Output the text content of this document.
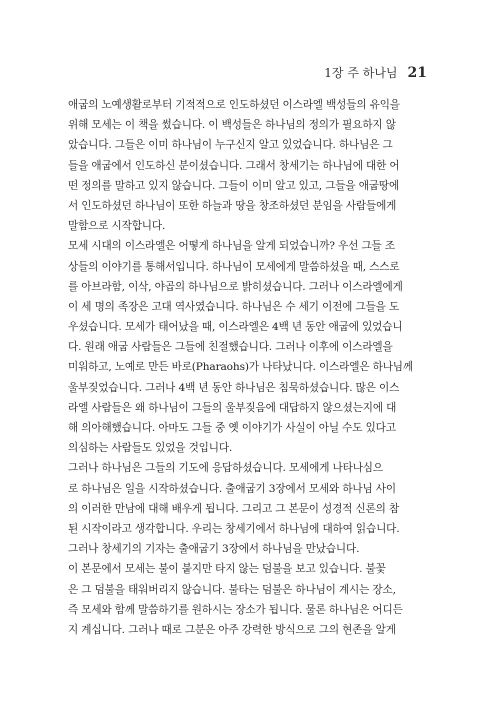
1장 주 하나님 21
애굽의 노예생활로부터 기적적으로 인도하셨던 이스라엘 백성들의 유익을
위해 모세는 이 책을 썼습니다. 이 백성들은 하나님의 정의가 필요하지 않
았습니다. 그들은 이미 하나님이 누구신지 알고 있었습니다. 하나님은 그
들을 애굽에서 인도하신 분이셨습니다. 그래서 창세기는 하나님에 대한 어
떤 정의를 말하고 있지 않습니다. 그들이 이미 알고 있고, 그들을 애굽땅에
서 인도하셨던 하나님이 또한 하늘과 땅을 창조하셨던 분임을 사람들에게
말함으로 시작합니다.
모세 시대의 이스라엘은 어떻게 하나님을 알게 되었습니까? 우선 그들 조
상들의 이야기를 통해서입니다. 하나님이 모세에게 말씀하셨을 때, 스스로
를 아브라함, 이삭, 야곱의 하나님으로 밝히셨습니다. 그러나 이스라엘에게
이 세 명의 족장은 고대 역사였습니다. 하나님은 수 세기 이전에 그들을 도
우셨습니다. 모세가 태어났을 때, 이스라엘은 4백 년 동안 애굽에 있었습니
다. 원래 애굽 사람들은 그들에 친절했습니다. 그러나 이후에 이스라엘을
미워하고, 노예로 만든 바로(Pharaohs)가 나타났니다. 이스라엘은 하나님께
울부짖었습니다. 그러나 4백 년 동안 하나님은 침묵하셨습니다. 많은 이스
라엘 사람들은 왜 하나님이 그들의 울부짖음에 대답하지 않으셨는지에 대
해 의아해했습니다. 아마도 그들 중 옛 이야기가 사실이 아닐 수도 있다고
의심하는 사람들도 있었을 것입니다.
그러나 하나님은 그들의 기도에 응답하셨습니다. 모세에게 나타나심으
로 하나님은 일을 시작하셨습니다. 출애굽기 3장에서 모세와 하나님 사이
의 이러한 만남에 대해 배우게 됩니다. 그리고 그 본문이 성경적 신론의 참
된 시작이라고 생각합니다. 우리는 창세기에서 하나님에 대하여 읽습니다.
그러나 창세기의 기자는 출애굽기 3장에서 하나님을 만났습니다.
이 본문에서 모세는 불이 붙지만 타지 않는 덤불을 보고 있습니다. 불꽃
은 그 덤불을 태워버리지 않습니다. 불타는 덤불은 하나님이 계시는 장소,
즉 모세와 함께 말씀하기를 원하시는 장소가 됩니다. 물론 하나님은 어디든
지 계십니다. 그러나 때로 그분은 아주 강력한 방식으로 그의 현존을 알게
